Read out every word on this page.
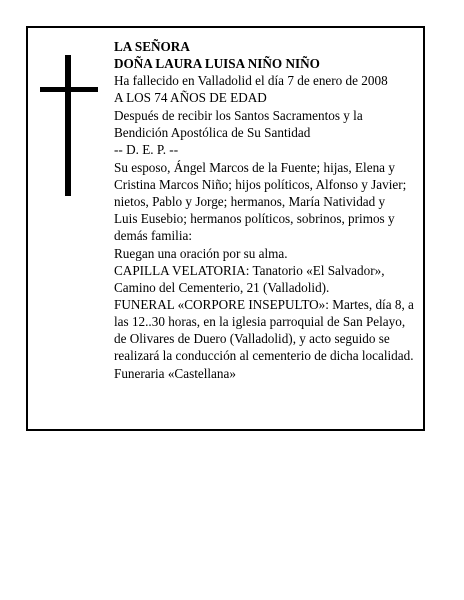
LA SEÑORA
DOÑA LAURA LUISA NIÑO NIÑO
Ha fallecido en Valladolid el día 7 de enero de 2008
A LOS 74 AÑOS DE EDAD
Después de recibir los Santos Sacramentos y la
Bendición Apostólica de Su Santidad
-- D. E. P. --
Su esposo, Ángel Marcos de la Fuente; hijas, Elena y
Cristina Marcos Niño; hijos políticos, Alfonso y Javier;
nietos, Pablo y Jorge; hermanos, María Natividad y
Luis Eusebio; hermanos políticos, sobrinos, primos y
demás familia:
Ruegan una oración por su alma.
CAPILLA VELATORIA: Tanatorio «El Salvador»,
Camino del Cementerio, 21 (Valladolid).
FUNERAL «CORPORE INSEPULTO»: Martes, día 8, a
las 12..30 horas, en la iglesia parroquial de San Pelayo,
de Olivares de Duero (Valladolid), y acto seguido se
realizará la conducción al cementerio de dicha localidad.
Funeraria «Castellana»
